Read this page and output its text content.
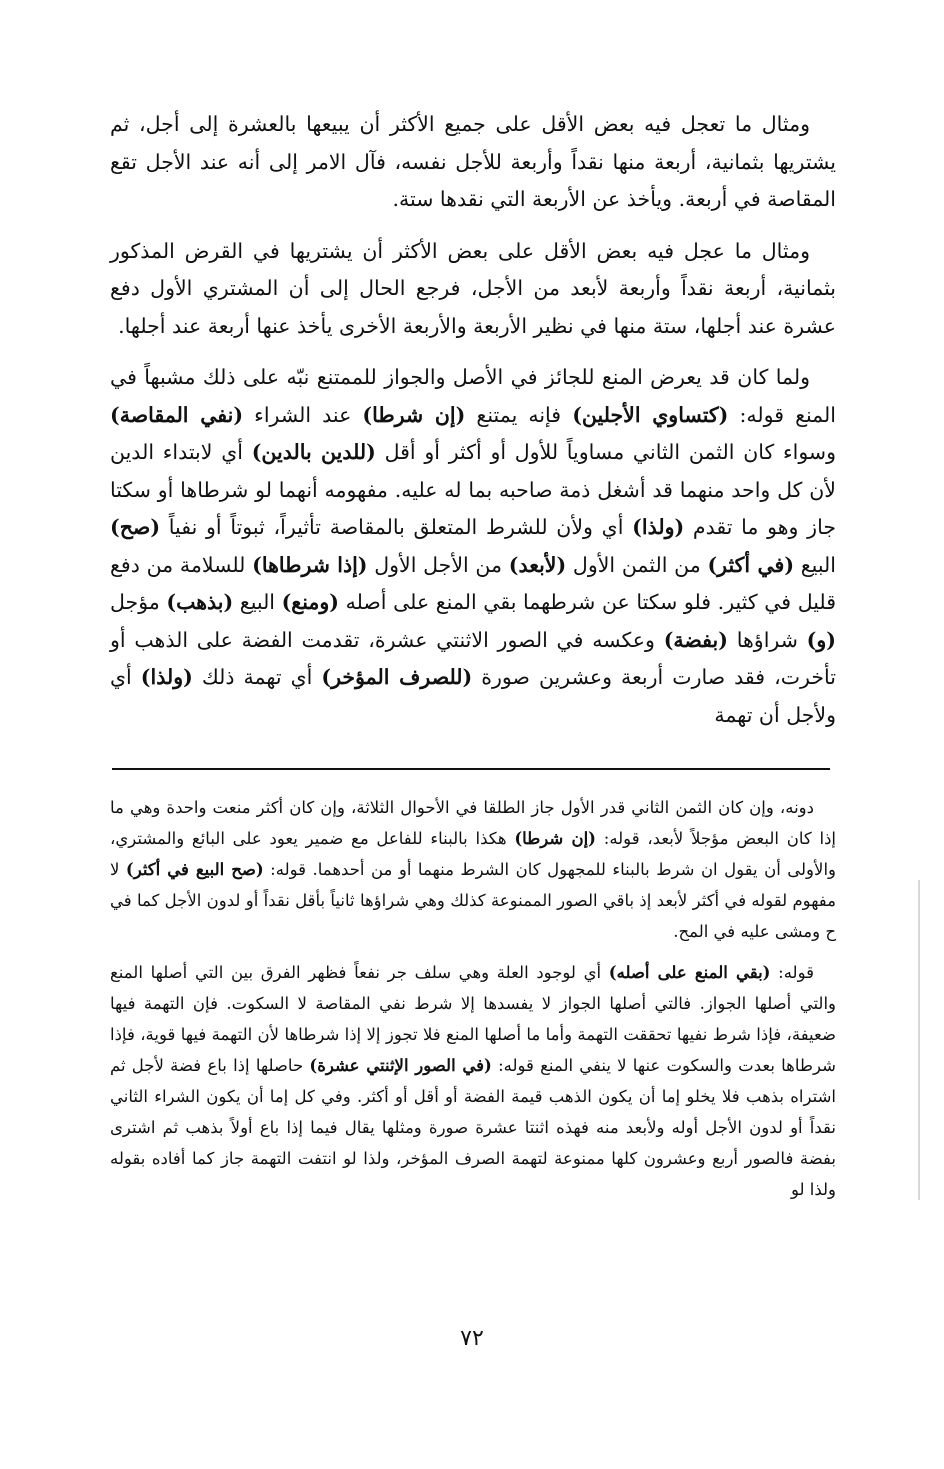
ومثال ما تعجل فيه بعض الأقل على جميع الأكثر أن يبيعها بالعشرة إلى أجل، ثم يشتريها بثمانية، أربعة منها نقداً وأربعة للأجل نفسه، فآل الامر إلى أنه عند الأجل تقع المقاصة في أربعة. ويأخذ عن الأربعة التي نقدها ستة.

ومثال ما عجل فيه بعض الأقل على بعض الأكثر أن يشتريها في القرض المذكور بثمانية، أربعة نقداً وأربعة لأبعد من الأجل، فرجع الحال إلى أن المشتري الأول دفع عشرة عند أجلها، ستة منها في نظير الأربعة والأربعة الأخرى يأخذ عنها أربعة عند أجلها.

ولما كان قد يعرض المنع للجائز في الأصل والجواز للممتنع نبّه على ذلك مشبهاً في المنع قوله: (كتساوي الأجلين) فإنه يمتنع (إن شرطا) عند الشراء (نفي المقاصة) وسواء كان الثمن الثاني مساوياً للأول أو أكثر أو أقل (للدين بالدين) أي لابتداء الدين لأن كل واحد منهما قد أشغل ذمة صاحبه بما له عليه. مفهومه أنهما لو شرطاها أو سكتا جاز وهو ما تقدم (ولذا) أي ولأن للشرط المتعلق بالمقاصة تأثيراً، ثبوتاً أو نفياً (صح) البيع (في أكثر) من الثمن الأول (لأبعد) من الأجل الأول (إذا شرطاها) للسلامة من دفع قليل في كثير. فلو سكتا عن شرطهما بقي المنع على أصله (ومنع) البيع (بذهب) مؤجل (و) شراؤها (بفضة) وعكسه في الصور الاثنتي عشرة، تقدمت الفضة على الذهب أو تأخرت، فقد صارت أربعة وعشرين صورة (للصرف المؤخر) أي تهمة ذلك (ولذا) أي ولأجل أن تهمة

دونه، وإن كان الثمن الثاني قدر الأول جاز الطلقا في الأحوال الثلاثة، وإن كان أكثر منعت واحدة وهي ما إذا كان البعض مؤجلاً لأبعد، قوله: (إن شرطا) هكذا بالبناء للفاعل مع ضمير يعود على البائع والمشتري، والأولى أن يقول ان شرط بالبناء للمجهول كان الشرط منهما أو من أحدهما. قوله: (صح البيع في أكثر) لا مفهوم لقوله في أكثر لأبعد إذ باقي الصور الممنوعة كذلك وهي شراؤها ثانياً بأقل نقداً أو لدون الأجل كما في ح ومشى عليه في المح.

قوله: (بقي المنع على أصله) أي لوجود العلة وهي سلف جر نفعاً فظهر الفرق بين التي أصلها المنع والتي أصلها الجواز. فالتي أصلها الجواز لا يفسدها إلا شرط نفي المقاصة لا السكوت. فإن التهمة فيها ضعيفة، فإذا شرط نفيها تحققت التهمة وأما ما أصلها المنع فلا تجوز إلا إذا شرطاها لأن التهمة فيها قوية، فإذا شرطاها بعدت والسكوت عنها لا ينفي المنع قوله: (في الصور الإثنتي عشرة) حاصلها إذا باع فضة لأجل ثم اشتراه بذهب فلا يخلو إما أن يكون الذهب قيمة الفضة أو أقل أو أكثر. وفي كل إما أن يكون الشراء الثاني نقداً أو لدون الأجل أوله ولأبعد منه فهذه اثنتا عشرة صورة ومثلها يقال فيما إذا باع أولاً بذهب ثم اشترى بفضة فالصور أربع وعشرون كلها ممنوعة لتهمة الصرف المؤخر، ولذا لو انتفت التهمة جاز كما أفاده بقوله ولذا لو

٧٢
